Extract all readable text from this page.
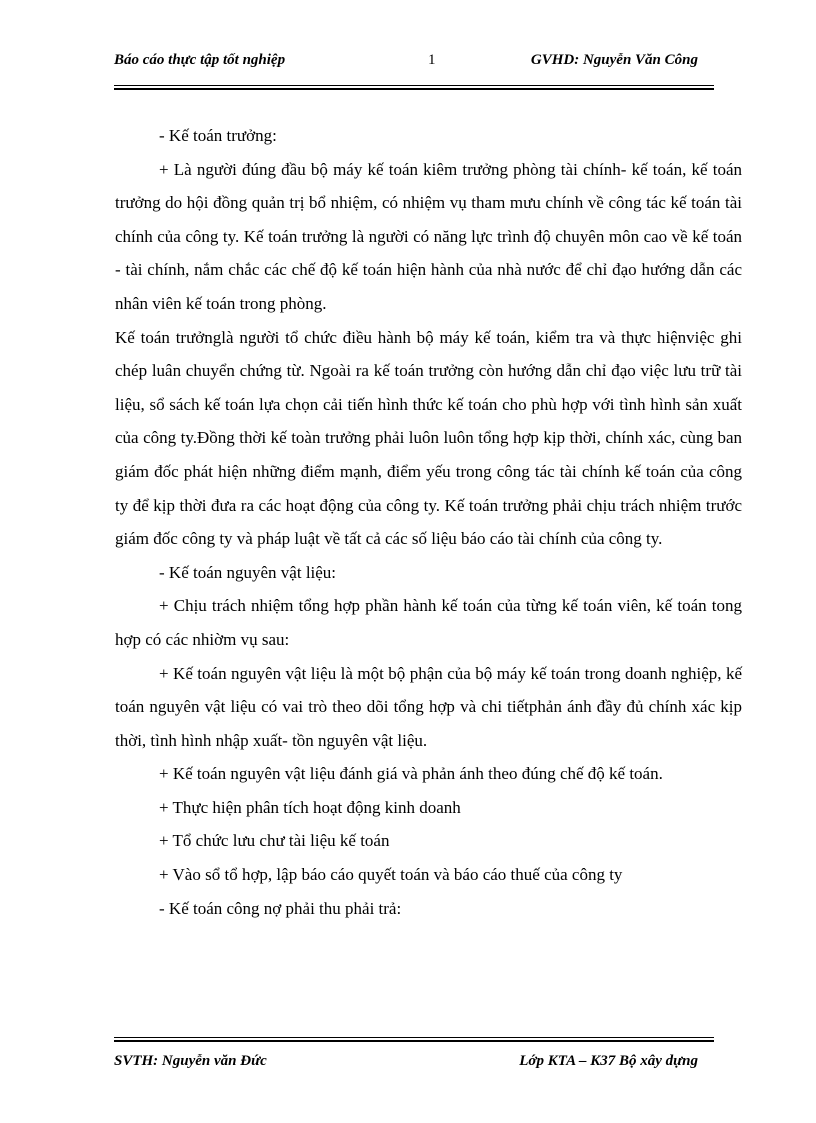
Báo cáo thực tập tốt nghiệp	1	GVHD: Nguyễn Văn Công

- Kế toán trưởng:

+ Là người đúng đầu bộ máy kế toán kiêm trưởng phòng tài chính- kế toán, kế toán trưởng do hội đồng quản trị bổ nhiệm, có nhiệm vụ tham mưu chính về công tác kế toán tài chính của công ty. Kế toán trưởng là người có năng lực trình độ chuyên môn cao về kế toán - tài chính, nắm chắc các chế độ kế toán hiện hành của nhà nước để chỉ đạo hướng dẫn các nhân viên kế toán trong phòng.

Kế toán trưởnglà người tổ chức điều hành bộ máy kế toán, kiểm tra và thực hiệnviệc ghi chép luân chuyển chứng từ. Ngoài ra kế toán trưởng còn hướng dẫn chỉ đạo việc lưu trữ tài liệu, sổ sách kế toán lựa chọn cải tiến hình thức kế toán cho phù hợp với tình hình sản xuất của công ty.Đồng thời kế toàn trưởng phải luôn luôn tổng hợp kịp thời, chính xác, cùng ban giám đốc phát hiện những điểm mạnh, điểm yếu trong công tác tài chính kế toán của công ty để kịp thời đưa ra các hoạt động của công ty. Kế toán trưởng phải chịu trách nhiệm trước giám đốc công ty và pháp luật về tất cả các số liệu báo cáo tài chính của công ty.

- Kế toán nguyên vật liệu:

+ Chịu trách nhiệm tổng hợp phần hành kế toán của từng kế toán viên, kế toán tong hợp có các nhiờm vụ sau:

+ Kế toán nguyên vật liệu là một bộ phận của bộ máy kế toán trong doanh nghiệp, kế toán nguyên vật liệu có vai trò theo dõi tổng hợp và chi tiếtphản ánh đầy đủ chính xác kịp thời, tình hình nhập xuất- tồn nguyên vật liệu.

+ Kế toán nguyên vật liệu đánh giá và phản ánh theo đúng chế độ kế toán.

+ Thực hiện phân tích hoạt động kinh doanh

+ Tổ chức lưu chư tài liệu kế toán

+ Vào sổ tổ hợp, lập báo cáo quyết toán và báo cáo thuế của công ty

- Kế toán công nợ phải thu phải trả:

SVTH: Nguyễn văn Đức	Lớp KTA – K37 Bộ xây dựng
